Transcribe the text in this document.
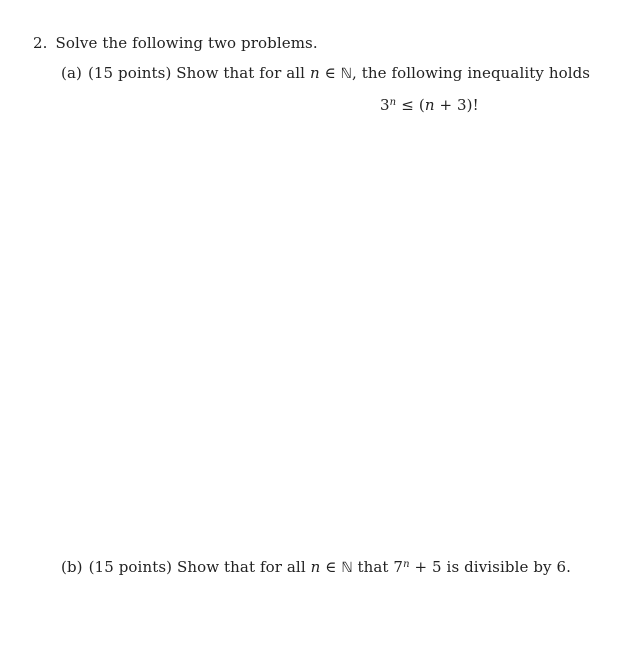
2. Solve the following two problems.
(a) (15 points) Show that for all n ∈ ℕ, the following inequality holds
$3^n \le (n + 3)$!
(b) (15 points) Show that for all n ∈ ℕ that $7^n + 5$ is divisible by 6.
